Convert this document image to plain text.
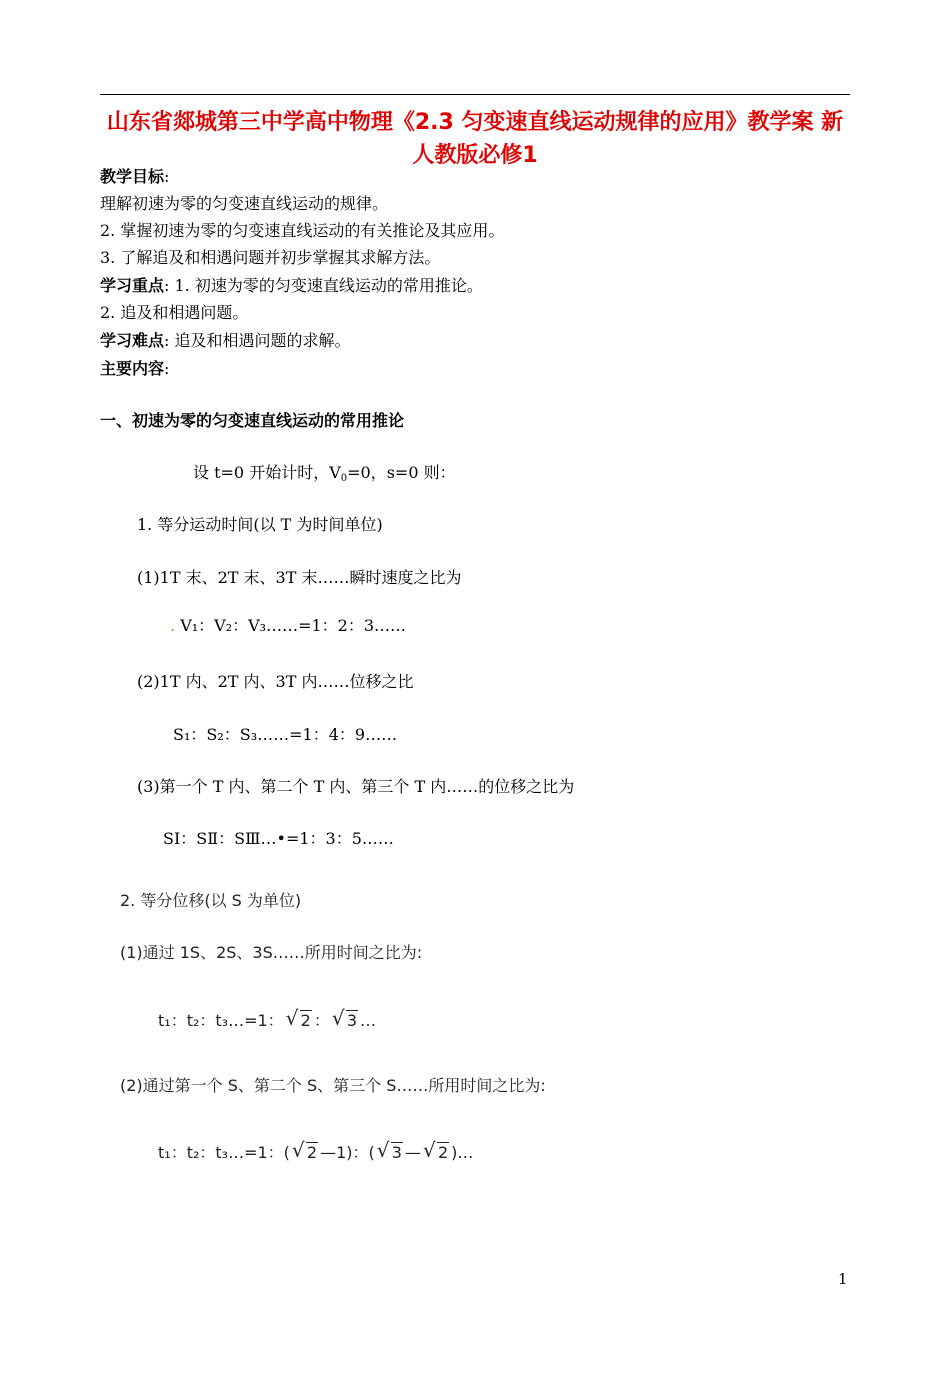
山东省郯城第三中学高中物理《2.3 匀变速直线运动规律的应用》教学案 新人教版必修1
教学目标:
理解初速为零的匀变速直线运动的规律。
2. 掌握初速为零的匀变速直线运动的有关推论及其应用。
3. 了解追及和相遇问题并初步掌握其求解方法。
学习重点: 1. 初速为零的匀变速直线运动的常用推论。
2. 追及和相遇问题。
学习难点: 追及和相遇问题的求解。
主要内容:
一、初速为零的匀变速直线运动的常用推论
设 t=0 开始计时，$V_0=0$，s=0 则：
1. 等分运动时间(以 T 为时间单位)
(1)1T 末、2T 末、3T 末……瞬时速度之比为
. V₁：V₂：V₃……=1：2：3……
(2)1T 内、2T 内、3T 内……位移之比
S₁：S₂：S₃……=1：4：9……
(3)第一个 T 内、第二个 T 内、第三个 T 内……的位移之比为
SⅠ：SⅡ：SⅢ…•=1：3：5……
2. 等分位移(以 S 为单位)
(1)通过 1S、2S、3S……所用时间之比为:
t₁：t₂：t₃…=1： √ 2 ： √ 3 …
(2)通过第一个 S、第二个 S、第三个 S……所用时间之比为:
t₁：t₂：t₃…=1：( √ 2 —1)：( √ 3 — √ 2 )…
1
